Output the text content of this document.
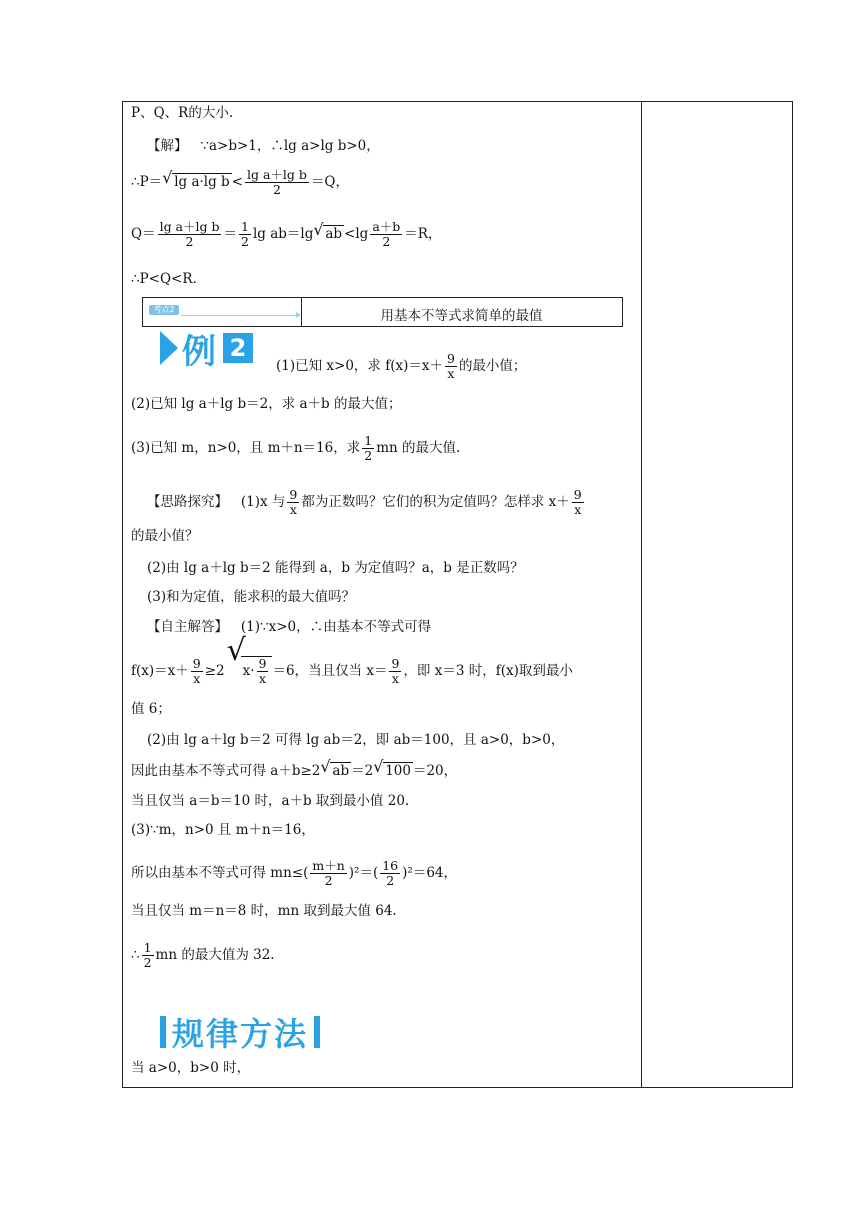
P、Q、R的大小.
【解】 ∵a>b>1，∴lg a>lg b>0，
∴P＝√ lg a·lg $b < \frac{\text{lg a＋lg b}}{2} =Q$，
$Q= \frac{\text{lg a＋lg b}}{2} = \frac{1}{2}$ lg ab＝lg√ ab $<\lg \frac{a+b}{2} =R$，
∴P<Q<R.
考点2	用基本不等式求简单的最值
例 2
(1)已知 x>0，求 $f(x)=x+ \frac{9}{x}$ 的最小值；
(2)已知 lg a＋lg b＝2，求 a＋b 的最大值；
(3)已知 m，n>0，且 m＋n＝16，求 $\frac{1}{2}$ mn 的最大值.
【思路探究】 (1)x 与 $\frac{9}{x}$ 都为正数吗？它们的积为定值吗？怎样求 $x+ \frac{9}{x}$
的最小值？
(2)由 lg a＋lg b＝2 能得到 a，b 为定值吗？a，b 是正数吗？
(3)和为定值，能求积的最大值吗？
【自主解答】 (1)∵x>0，∴由基本不等式可得
$f(x)=x+ \frac{9}{x} \ge 2√$ $x\cdot \frac{9}{x} =6$，当且仅当 $x= \frac{9}{x}$ ，即 x＝3 时，f(x)取到最小
值 6；
(2)由 lg a＋lg b＝2 可得 lg ab＝2，即 ab＝100，且 a>0，b>0，
因此由基本不等式可得 a＋b≥2√ ab ＝2√ 100 ＝20，
当且仅当 a＝b＝10 时，a＋b 取到最小值 20.
(3)∵m，n>0 且 m＋n＝16，
所以由基本不等式可得 $mn\le( \frac{m+n}{2} )^2=( \frac{16}{2} )^2=64$，
当且仅当 m＝n＝8 时，mn 取到最大值 64.
∴ $\frac{1}{2}$ mn 的最大值为 32.
规律方法
当 a>0，b>0 时，
